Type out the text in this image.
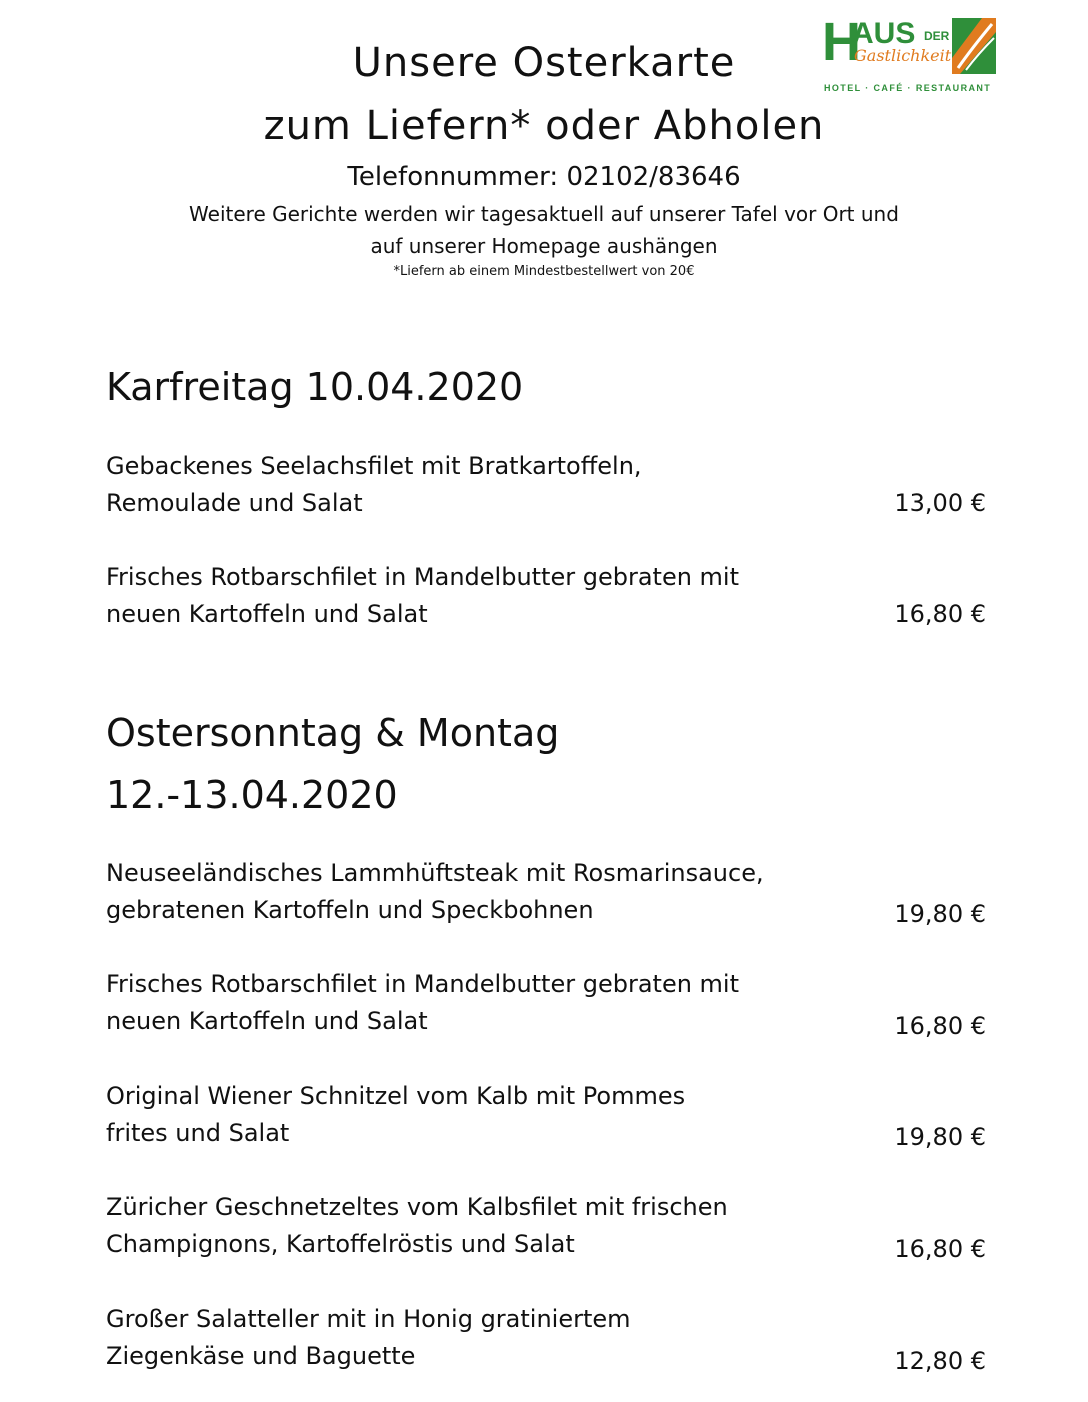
Unsere Osterkarte
zum Liefern* oder Abholen
Telefonnummer: 02102/83646
Weitere Gerichte werden wir tagesaktuell auf unserer Tafel vor Ort und
auf unserer Homepage aushängen
*Liefern ab einem Mindestbestellwert von 20€
H
AUS DER
Gastlichkeit
HOTEL · CAFÉ · RESTAURANT
Karfreitag 10.04.2020
Gebackenes Seelachsfilet mit Bratkartoffeln,
Remoulade und Salat	13,00 €
Frisches Rotbarschfilet in Mandelbutter gebraten mit
neuen Kartoffeln und Salat	16,80 €
Ostersonntag & Montag
12.-13.04.2020
Neuseeländisches Lammhüftsteak mit Rosmarinsauce,
gebratenen Kartoffeln und Speckbohnen	19,80 €
Frisches Rotbarschfilet in Mandelbutter gebraten mit
neuen Kartoffeln und Salat	16,80 €
Original Wiener Schnitzel vom Kalb mit Pommes
frites und Salat	19,80 €
Züricher Geschnetzeltes vom Kalbsfilet mit frischen
Champignons, Kartoffelröstis und Salat	16,80 €
Großer Salatteller mit in Honig gratiniertem
Ziegenkäse und Baguette	12,80 €
